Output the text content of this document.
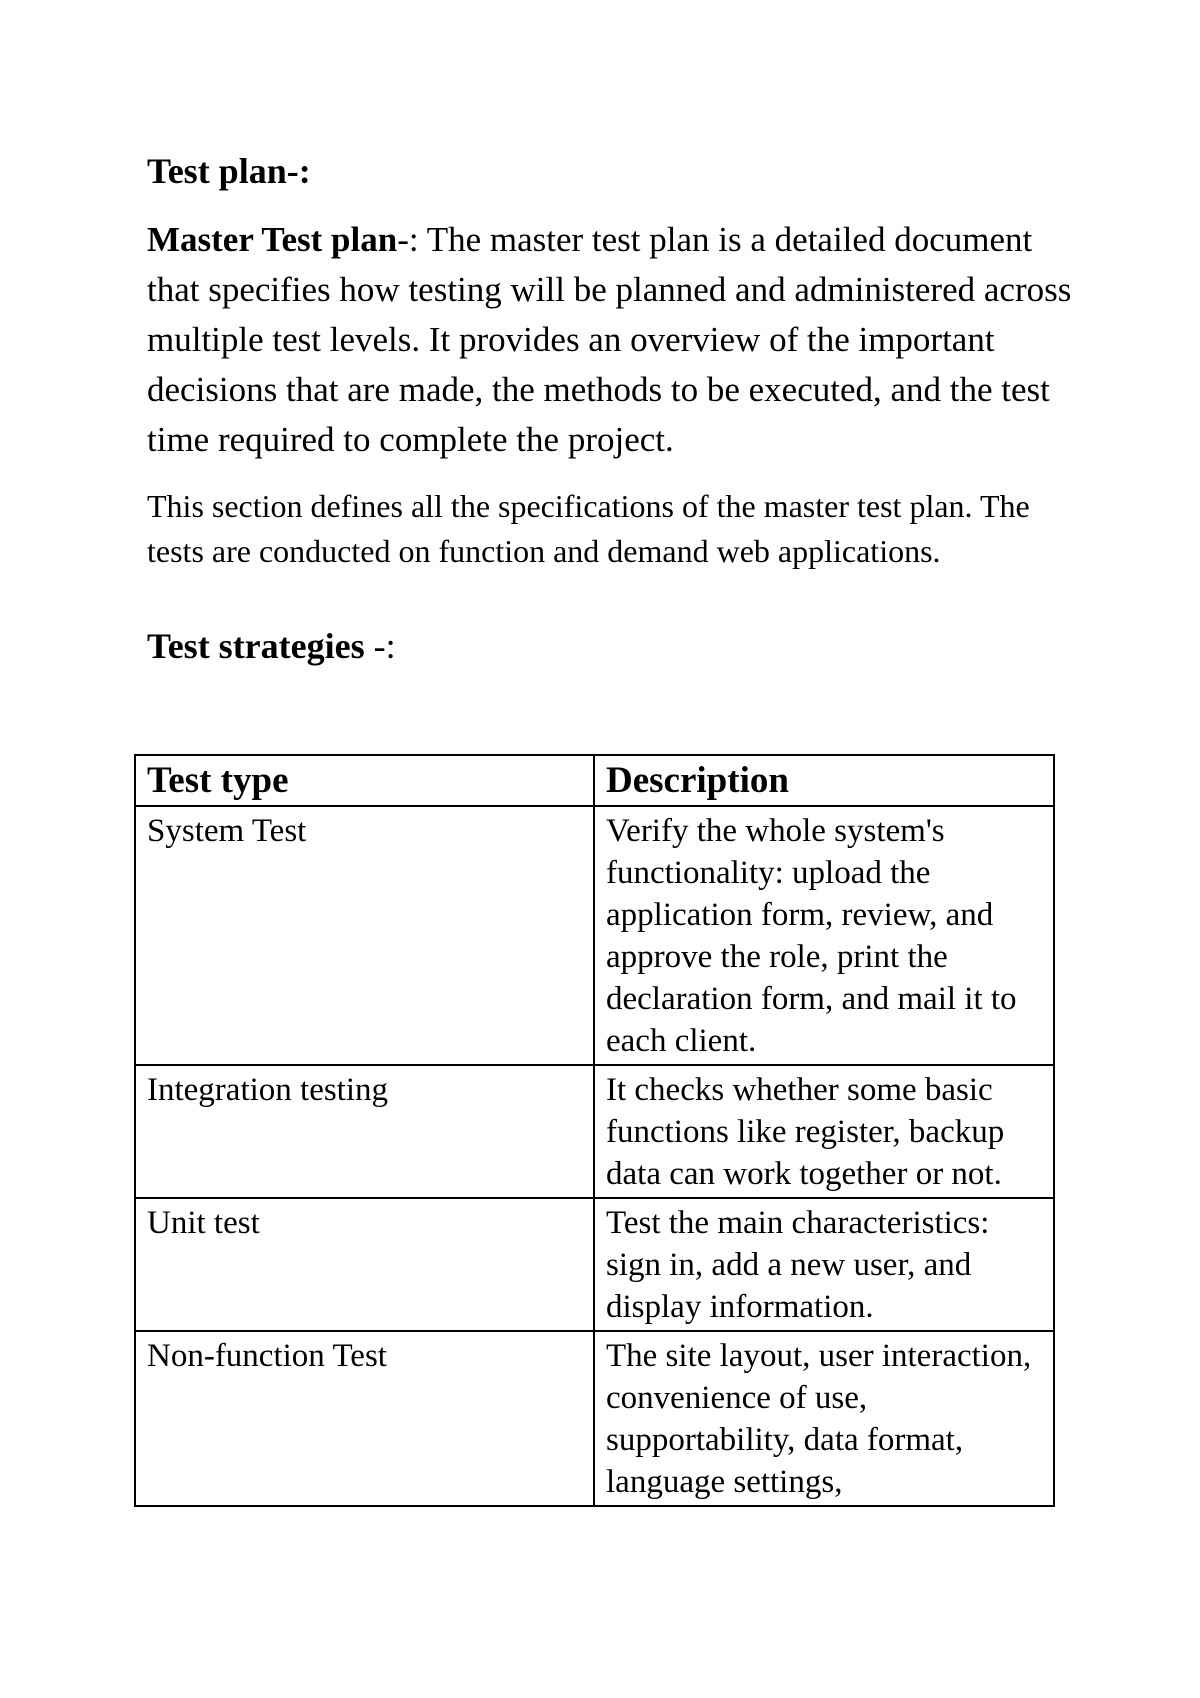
Test plan-:

Master Test plan-: The master test plan is a detailed document that specifies how testing will be planned and administered across multiple test levels. It provides an overview of the important decisions that are made, the methods to be executed, and the test time required to complete the project.

This section defines all the specifications of the master test plan. The tests are conducted on function and demand web applications.

Test strategies -:
Test type	Description
System Test	Verify the whole system's functionality: upload the application form, review, and approve the role, print the declaration form, and mail it to each client.
Integration testing	It checks whether some basic functions like register, backup data can work together or not.
Unit test	Test the main characteristics: sign in, add a new user, and display information.
Non-function Test	The site layout, user interaction, convenience of use, supportability, data format, language settings,
